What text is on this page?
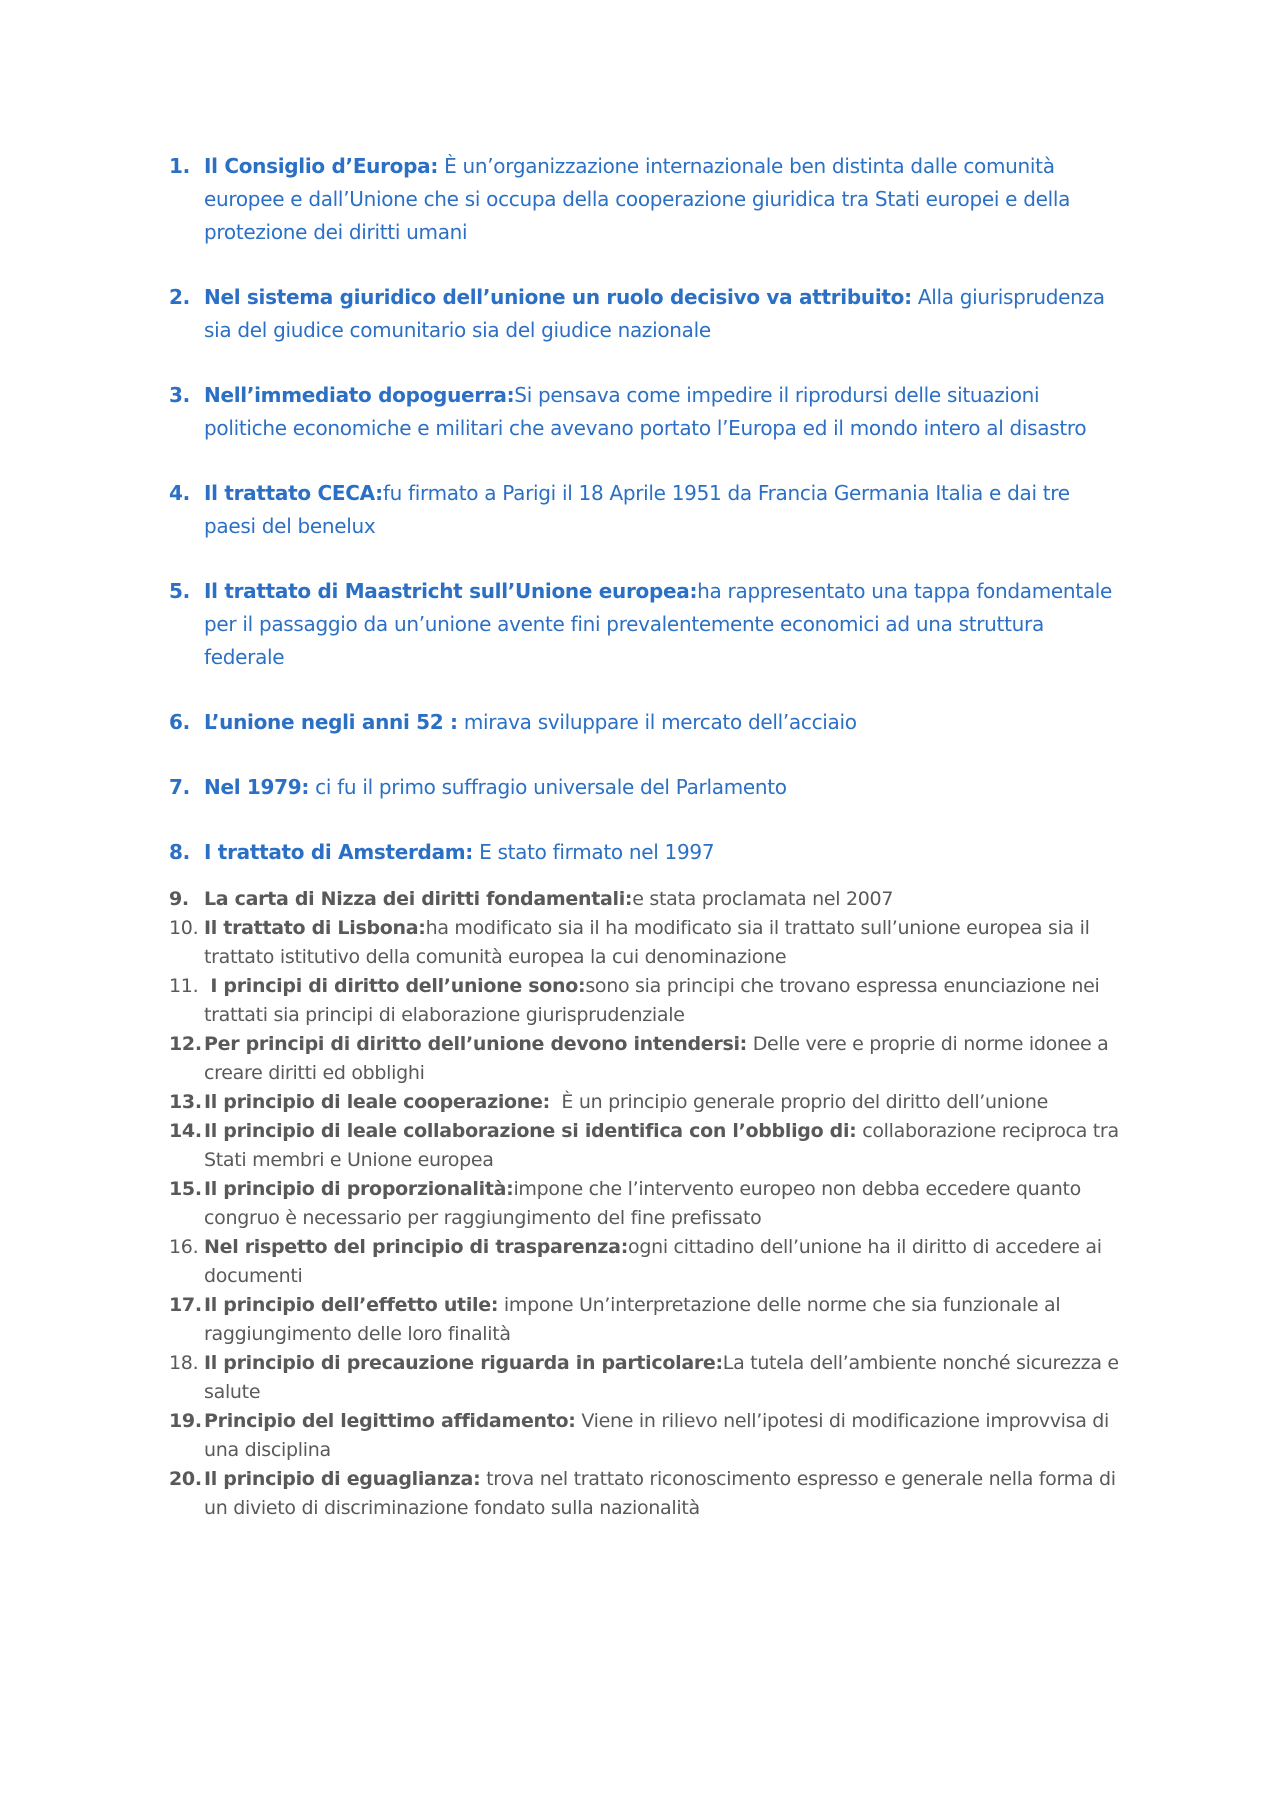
1. Il Consiglio d’Europa: È un’organizzazione internazionale ben distinta dalle comunità europee e dall’Unione che si occupa della cooperazione giuridica tra Stati europei e della protezione dei diritti umani
2. Nel sistema giuridico dell’unione un ruolo decisivo va attribuito: Alla giurisprudenza sia del giudice comunitario sia del giudice nazionale
3. Nell’immediato dopoguerra:Si pensava come impedire il riprodursi delle situazioni politiche economiche e militari che avevano portato l’Europa ed il mondo intero al disastro
4. Il trattato CECA:fu firmato a Parigi il 18 Aprile 1951 da Francia Germania Italia e dai tre paesi del benelux
5. Il trattato di Maastricht sull’Unione europea:ha rappresentato una tappa fondamentale per il passaggio da un’unione avente fini prevalentemente economici ad una struttura federale
6. L’unione negli anni 52 : mirava sviluppare il mercato dell’acciaio
7. Nel 1979: ci fu il primo suffragio universale del Parlamento
8. I trattato di Amsterdam: E stato firmato nel 1997
9. La carta di Nizza dei diritti fondamentali:e stata proclamata nel 2007
10. Il trattato di Lisbona:ha modificato sia il ha modificato sia il trattato sull’unione europea sia il trattato istitutivo della comunità europea la cui denominazione
11. I principi di diritto dell’unione sono:sono sia principi che trovano espressa enunciazione nei trattati sia principi di elaborazione giurisprudenziale
12. Per principi di diritto dell’unione devono intendersi: Delle vere e proprie di norme idonee a creare diritti ed obblighi
13. Il principio di leale cooperazione:  È un principio generale proprio del diritto dell’unione
14. Il principio di leale collaborazione si identifica con l’obbligo di: collaborazione reciproca tra Stati membri e Unione europea
15. Il principio di proporzionalità:impone che l’intervento europeo non debba eccedere quanto congruo è necessario per raggiungimento del fine prefissato
16. Nel rispetto del principio di trasparenza:ogni cittadino dell’unione ha il diritto di accedere ai documenti
17. Il principio dell’effetto utile: impone Un’interpretazione delle norme che sia funzionale al raggiungimento delle loro finalità
18. Il principio di precauzione riguarda in particolare:La tutela dell’ambiente nonché sicurezza e salute
19. Principio del legittimo affidamento: Viene in rilievo nell’ipotesi di modificazione improvvisa di una disciplina
20. Il principio di eguaglianza: trova nel trattato riconoscimento espresso e generale nella forma di un divieto di discriminazione fondato sulla nazionalità
